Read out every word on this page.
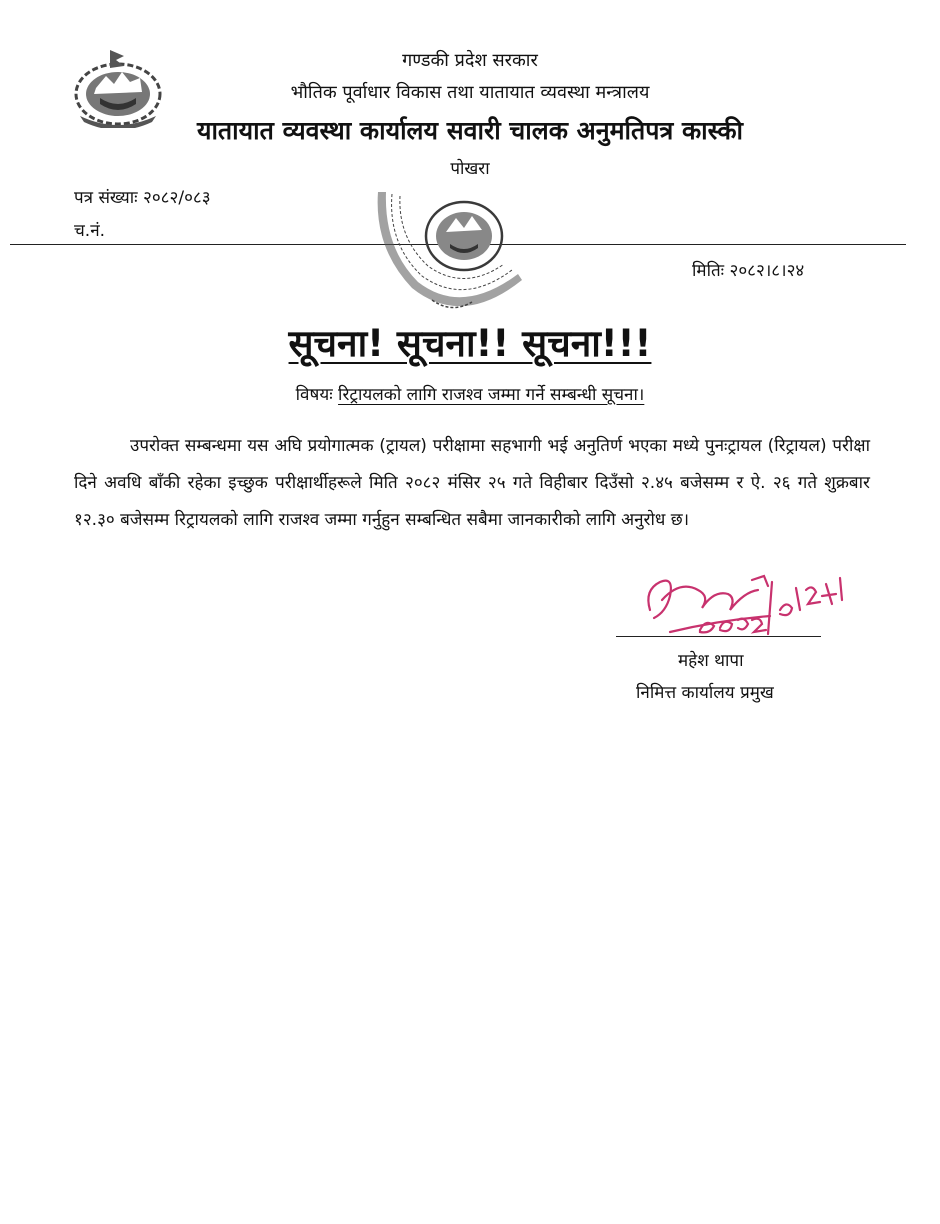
गण्डकी प्रदेश सरकार
भौतिक पूर्वाधार विकास तथा यातायात व्यवस्था मन्त्रालय
यातायात व्यवस्था कार्यालय सवारी चालक अनुमतिपत्र कास्की
पोखरा
पत्र संख्याः २०८२/०८३
च.नं.
मितिः २०८२।८।२४
सूचना! सूचना!! सूचना!!!
विषयः रिट्रायलको लागि राजश्व जम्मा गर्ने सम्बन्धी सूचना।
उपरोक्त सम्बन्धमा यस अघि प्रयोगात्मक (ट्रायल) परीक्षामा सहभागी भई अनुतिर्ण भएका मध्ये पुनःट्रायल (रिट्रायल) परीक्षा दिने अवधि बाँकी रहेका इच्छुक परीक्षार्थीहरूले मिति २०८२ मंसिर २५ गते विहीबार दिउँसो २.४५ बजेसम्म र ऐ. २६ गते शुक्रबार १२.३० बजेसम्म रिट्रायलको लागि राजश्व जम्मा गर्नुहुन सम्बन्धित सबैमा जानकारीको लागि अनुरोध छ।
महेश थापा
निमित्त कार्यालय प्रमुख
